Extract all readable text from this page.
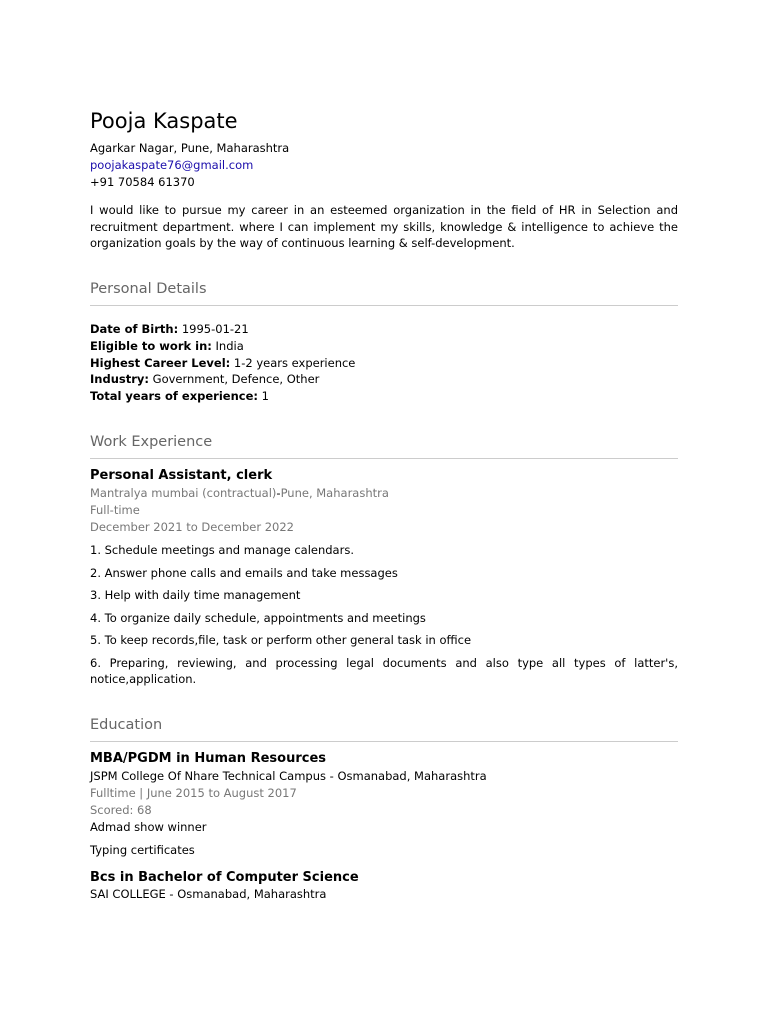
Pooja Kaspate
Agarkar Nagar, Pune, Maharashtra
poojakaspate76@gmail.com
+91 70584 61370
I would like to pursue my career in an esteemed organization in the field of HR in Selection and recruitment department. where I can implement my skills, knowledge & intelligence to achieve the organization goals by the way of continuous learning & self-development.
Personal Details
Date of Birth: 1995-01-21
Eligible to work in: India
Highest Career Level: 1-2 years experience
Industry: Government, Defence, Other
Total years of experience: 1
Work Experience
Personal Assistant, clerk
Mantralya mumbai (contractual)-Pune, Maharashtra
Full-time
December 2021 to December 2022
1. Schedule meetings and manage calendars.
2. Answer phone calls and emails and take messages
3. Help with daily time management
4. To organize daily schedule, appointments and meetings
5. To keep records,file, task or perform other general task in office
6. Preparing, reviewing, and processing legal documents and also type all types of latter's, notice,application.
Education
MBA/PGDM in Human Resources
JSPM College Of Nhare Technical Campus - Osmanabad, Maharashtra
Fulltime | June 2015 to August 2017
Scored: 68
Admad show winner
Typing certificates
Bcs in Bachelor of Computer Science
SAI COLLEGE - Osmanabad, Maharashtra
